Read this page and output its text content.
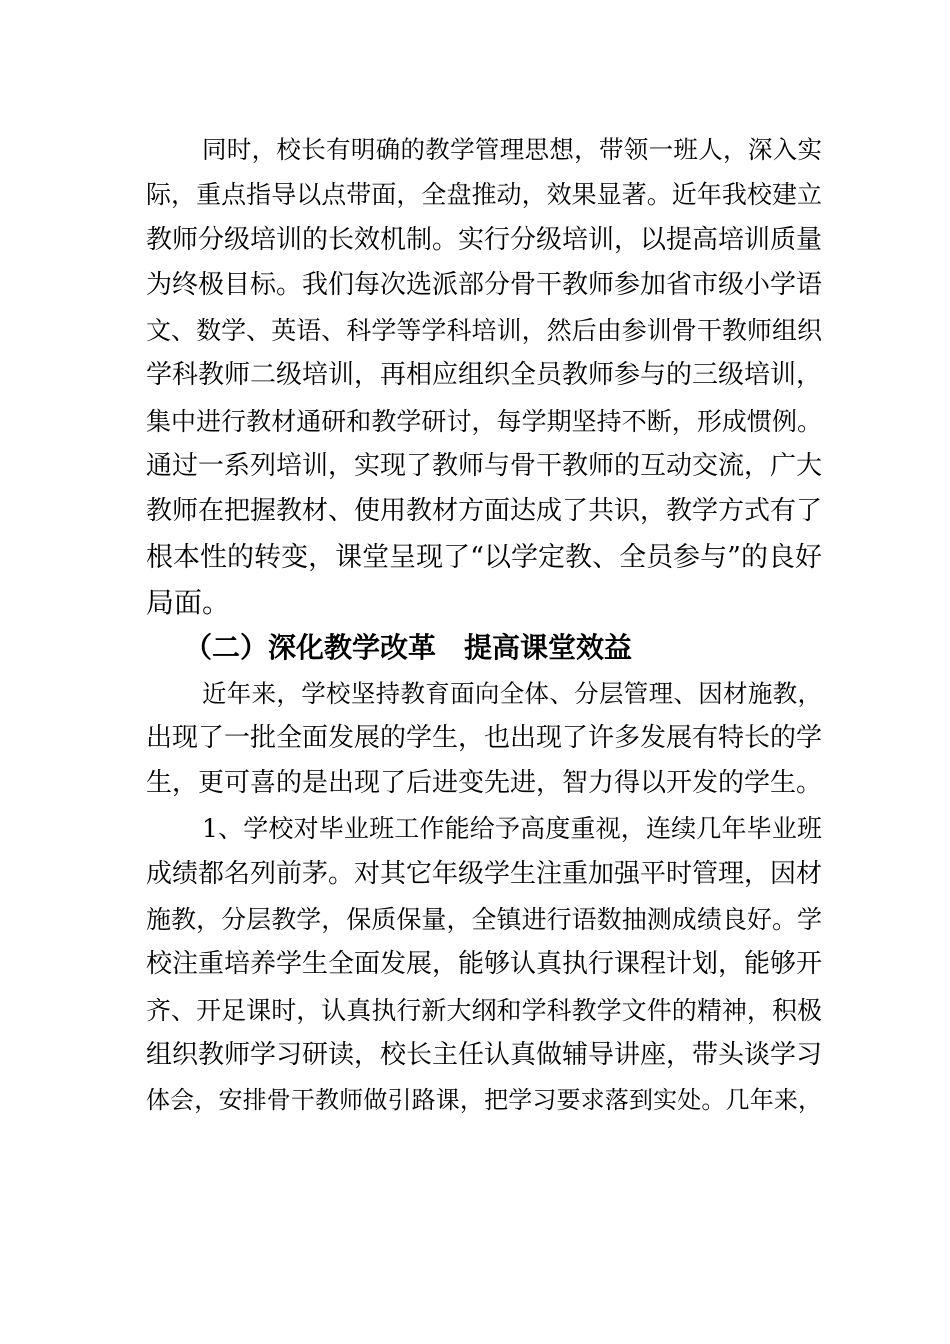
同时，校长有明确的教学管理思想，带领一班人，深入实
际，重点指导以点带面，全盘推动，效果显著。近年我校建立
教师分级培训的长效机制。实行分级培训，以提高培训质量
为终极目标。我们每次选派部分骨干教师参加省市级小学语
文、数学、英语、科学等学科培训，然后由参训骨干教师组织
学科教师二级培训，再相应组织全员教师参与的三级培训，
集中进行教材通研和教学研讨，每学期坚持不断，形成惯例。
通过一系列培训，实现了教师与骨干教师的互动交流，广大
教师在把握教材、使用教材方面达成了共识，教学方式有了
根本性的转变，课堂呈现了“以学定教、全员参与”的良好
局面。
（二）深化教学改革　提高课堂效益
近年来，学校坚持教育面向全体、分层管理、因材施教，
出现了一批全面发展的学生，也出现了许多发展有特长的学
生，更可喜的是出现了后进变先进，智力得以开发的学生。
1、学校对毕业班工作能给予高度重视，连续几年毕业班
成绩都名列前茅。对其它年级学生注重加强平时管理，因材
施教，分层教学，保质保量，全镇进行语数抽测成绩良好。学
校注重培养学生全面发展，能够认真执行课程计划，能够开
齐、开足课时，认真执行新大纲和学科教学文件的精神，积极
组织教师学习研读，校长主任认真做辅导讲座，带头谈学习
体会，安排骨干教师做引路课，把学习要求落到实处。几年来，
